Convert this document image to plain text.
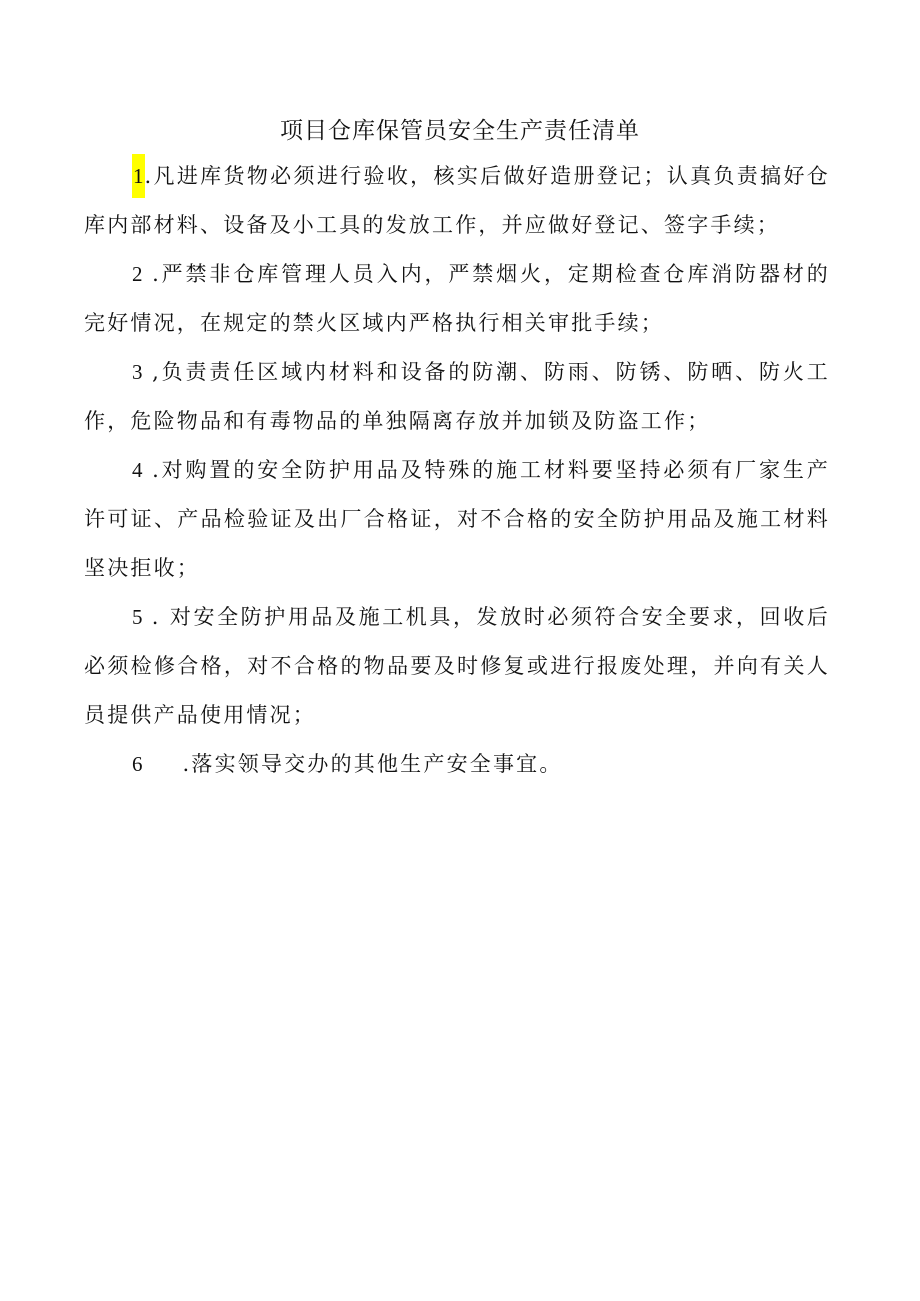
项目仓库保管员安全生产责任清单

1.凡进库货物必须进行验收，核实后做好造册登记；认真负责搞好仓库内部材料、设备及小工具的发放工作，并应做好登记、签字手续；

2 .严禁非仓库管理人员入内，严禁烟火，定期检查仓库消防器材的完好情况，在规定的禁火区域内严格执行相关审批手续；

3 ,负责责任区域内材料和设备的防潮、防雨、防锈、防晒、防火工作，危险物品和有毒物品的单独隔离存放并加锁及防盗工作；

4 .对购置的安全防护用品及特殊的施工材料要坚持必须有厂家生产许可证、产品检验证及出厂合格证，对不合格的安全防护用品及施工材料坚决拒收；

5 . 对安全防护用品及施工机具，发放时必须符合安全要求，回收后必须检修合格，对不合格的物品要及时修复或进行报废处理，并向有关人员提供产品使用情况；

6 .落实领导交办的其他生产安全事宜。
